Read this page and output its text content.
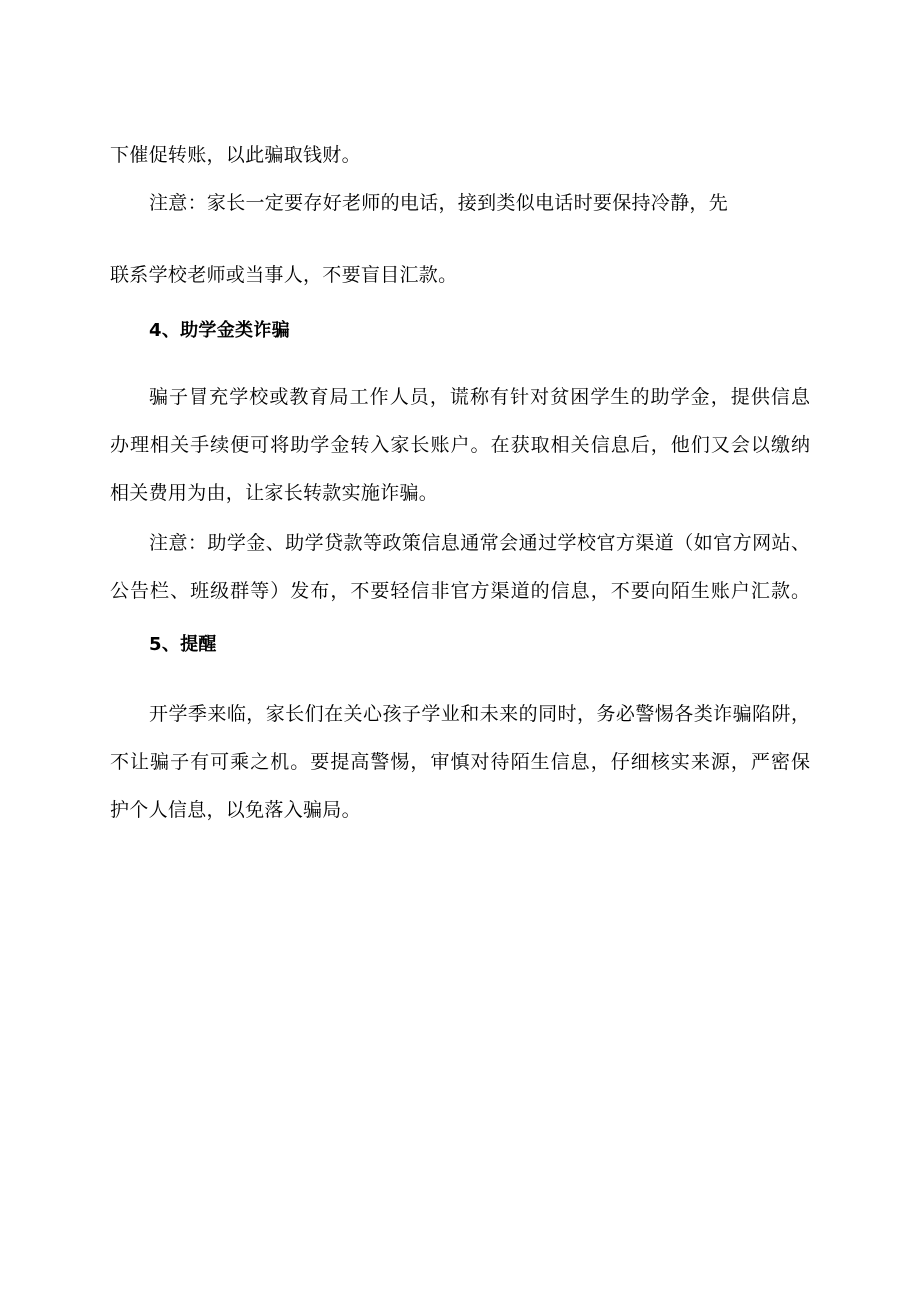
下催促转账，以此骗取钱财。
注意：家长一定要存好老师的电话，接到类似电话时要保持冷静，先
联系学校老师或当事人，不要盲目汇款。
4、助学金类诈骗
骗子冒充学校或教育局工作人员，谎称有针对贫困学生的助学金，提供信息
办理相关手续便可将助学金转入家长账户。在获取相关信息后，他们又会以缴纳
相关费用为由，让家长转款实施诈骗。
注意：助学金、助学贷款等政策信息通常会通过学校官方渠道（如官方网站、
公告栏、班级群等）发布，不要轻信非官方渠道的信息，不要向陌生账户汇款。
5、提醒
开学季来临，家长们在关心孩子学业和未来的同时，务必警惕各类诈骗陷阱，
不让骗子有可乘之机。要提高警惕，审慎对待陌生信息，仔细核实来源，严密保
护个人信息，以免落入骗局。
